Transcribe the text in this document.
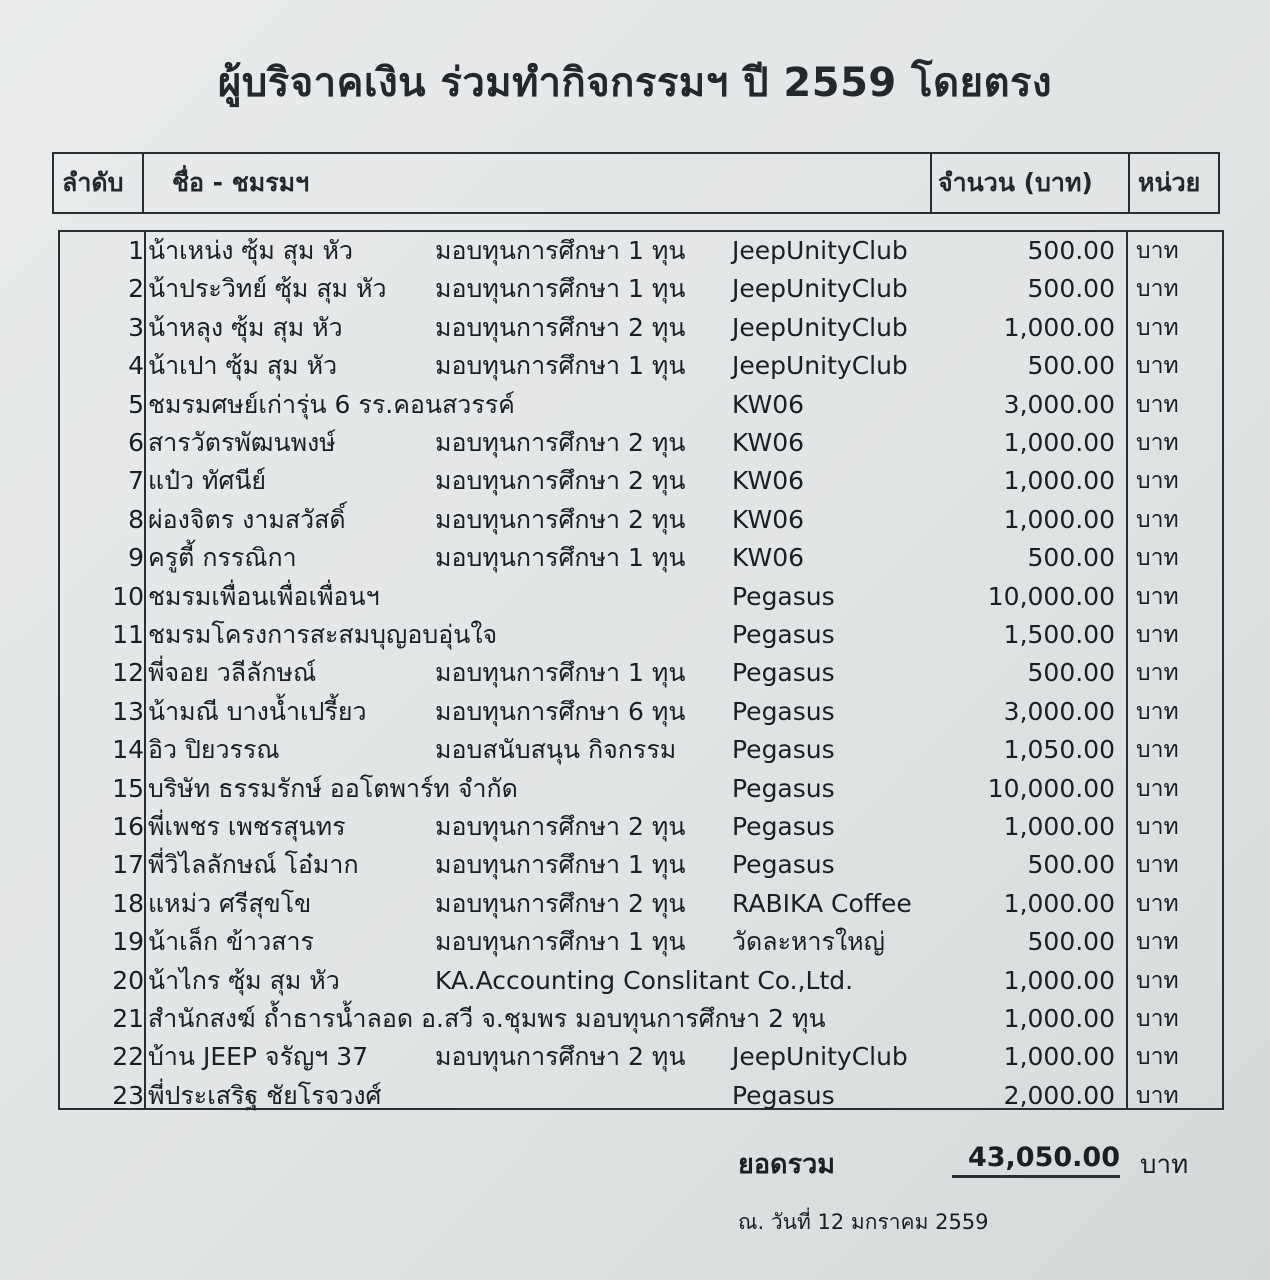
ผู้บริจาคเงิน ร่วมทำกิจกรรมฯ ปี 2559 โดยตรง
ลำดับ ชื่อ - ชมรมฯ	จำนวน (บาท) หน่วย
1 น้าเหน่ง ซุ้ม สุม หัว	มอบทุนการศึกษา 1 ทุน JeepUnityClub	500.00 บาท
2 น้าประวิทย์ ซุ้ม สุม หัว มอบทุนการศึกษา 1 ทุน JeepUnityClub	500.00 บาท
3 น้าหลุง ซุ้ม สุม หัว	มอบทุนการศึกษา 2 ทุน JeepUnityClub	1,000.00 บาท
4 น้าเปา ซุ้ม สุม หัว	มอบทุนการศึกษา 1 ทุน JeepUnityClub	500.00 บาท
5 ชมรมศษย์เก่ารุ่น 6 รร.คอนสวรรค์	KW06	3,000.00 บาท
6 สารวัตรพัฒนพงษ์	มอบทุนการศึกษา 2 ทุน KW06	1,000.00 บาท
7 แป๋ว ทัศนีย์	มอบทุนการศึกษา 2 ทุน KW06	1,000.00 บาท
8 ผ่องจิตร งามสวัสดิ์	มอบทุนการศึกษา 2 ทุน KW06	1,000.00 บาท
9 ครูตี้ กรรณิกา	มอบทุนการศึกษา 1 ทุน KW06	500.00 บาท
10 ชมรมเพื่อนเพื่อเพื่อนฯ	Pegasus	10,000.00 บาท
11 ชมรมโครงการสะสมบุญอบอุ่นใจ	Pegasus	1,500.00 บาท
12 พี่จอย วลีลักษณ์	มอบทุนการศึกษา 1 ทุน Pegasus	500.00 บาท
13 น้ามณี บางน้ำเปรี้ยว	มอบทุนการศึกษา 6 ทุน Pegasus	3,000.00 บาท
14 อิว ปิยวรรณ	มอบสนับสนุน กิจกรรม Pegasus	1,050.00 บาท
15 บริษัท ธรรมรักษ์ ออโตพาร์ท จำกัด	Pegasus	10,000.00 บาท
16 พี่เพชร เพชรสุนทร	มอบทุนการศึกษา 2 ทุน Pegasus	1,000.00 บาท
17 พี่วิไลลักษณ์ โอ๋มาก	มอบทุนการศึกษา 1 ทุน Pegasus	500.00 บาท
18 แหม่ว ศรีสุขโข	มอบทุนการศึกษา 2 ทุน RABIKA Coffee	1,000.00 บาท
19 น้าเล็ก ข้าวสาร	มอบทุนการศึกษา 1 ทุน วัดละหารใหญ่	500.00 บาท
20 น้าไกร ซุ้ม สุม หัว	KA.Accounting Conslitant Co.,Ltd.	1,000.00 บาท
21 สำนักสงฆ์ ถ้ำธารน้ำลอด อ.สวี จ.ชุมพร มอบทุนการศึกษา 2 ทุน	1,000.00 บาท
22 บ้าน JEEP จรัญฯ 37	มอบทุนการศึกษา 2 ทุน JeepUnityClub	1,000.00 บาท
23 พี่ประเสริฐ ชัยโรจวงศ์	Pegasus	2,000.00 บาท
ยอดรวม	43,050.00 บาท
ณ. วันที่ 12 มกราคม 2559
